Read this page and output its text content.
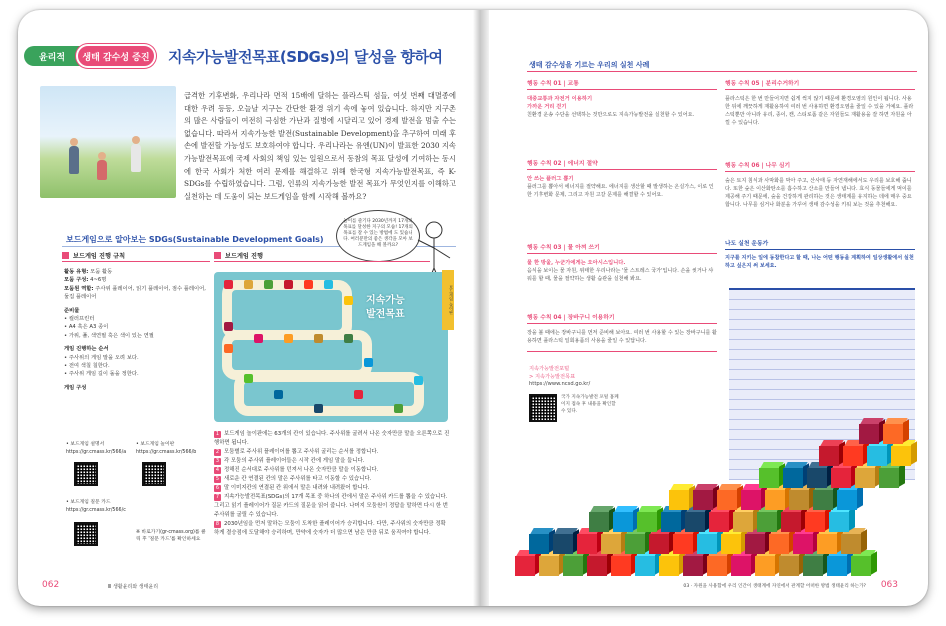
윤리적	생태 감수성 증진	지속가능발전목표(SDGs)의 달성을 향하여

급격한 기후변화, 우리나라 면적 15배에 달하는 플라스틱 섬들, 여섯 번째 대멸종에 대한 우려 등등, 오늘날 지구는 간단한 환경 위기 속에 놓여 있습니다. 하지만 지구촌의 많은 사람들이 여전히 극심한 가난과 질병에 시달리고 있어 경제 발전을 멈출 수는 없습니다. 따라서 지속가능한 발전(Sustainable Development)을 추구하여 미래 후손에 발전할 가능성도 보호하여야 합니다. 우리나라는 유엔(UN)이 발표한 2030 지속가능발전목표에 국제 사회의 책임 있는 일원으로서 동참의 목표 달성에 기여하는 동시에 한국 사회가 처한 여러 문제를 해결하고 위해 한국형 지속가능발전목표, 즉 K-SDGs를 수립하였습니다. 그럼, 인류의 지속가능한 발전 목표가 무엇인지를 이해하고 실천하는 데 도움이 되는 보드게임을 함께 시작해 볼까요?

보드게임으로 알아보는 SDGs(Sustainable Development Goals)
놀이를 즐기다 2030년까지 17개의 목표를 달성한 지구의 모습! 17개의 목표를 잘 수 있는 방법에 도 있습니다. 여러분만의 좋은 생각을 모아 보드게임을 해 볼까요?
보드게임 진행 규칙
활동 유형: 모둠 활동
모둠 구성: 4~6명
모둠원 역할: 주사위 플레이어, 읽기 플레이어, 점수 플레이어, 둘집 플레이어
준비물
• 컬러프린터
• A4 혹은 A3 종이
• 가위, 풀, 색연필 혹은 색이 있는 연필
게임 진행하는 순서
• 주사위의 게임 말을 오려 보다.
• 전여 색칠 칠한다.
• 주사위 게임 길이 돌을 정한다.
게임 구성
• 보드게임 설명서
https://gr.cmass.kr/566/a
• 보드게임 놀이판
https://gr.cmass.kr/566/b
• 보드게임 질문 카드
https://gr.cmass.kr/566/c
※ 바로가기(gr-cmass.org)를 클릭 후 '질문 카드'를 확인하세요
보드게임 진행
지속가능
발전목표	보드게임 놀이판
1 보드게임 놀이판에는 63개의 칸이 있습니다. 주사위를 굴려서 나온 숫자만큼 말을 오른쪽으로 진행하면 됩니다.
2 모둠별로 주사위 플레이어를 뽑고 주사위 굴리는 순서를 정합니다.
3 각 모둠의 주사위 플레이어들은 시작 칸에 게임 말을 둡니다.
4 정해진 순서대로 주사위를 던져서 나온 숫자만큼 말을 이동합니다.
5 새로운 칸 연결된 칸의 말은 주사위를 타고 이동할 수 있습니다.
6 말 이미지칸의 연결된 칸 위에서 말은 내려와 내려왔어 합니다.
7 지속가능발전목표(SDGs)의 17개 목표 중 하나의 칸에서 말은 주사위 카드를 뽑을 수 있습니다. 그리고 읽기 플레이어가 질문 카드의 질문을 읽어 줍니다. 나머지 모둠원이 정답을 말하면 다시 한 번 주사위를 굴릴 수 있습니다.
8 2030년임을 먼저 말하는 모둠이 도착한 플레이어가 승리합니다. 다만, 주사위의 숫자만큼 정확하게 결승점에 도달해야 승리하며, 만약에 숫자가 더 많으면 남은 만큼 뒤로 움직여야 합니다.
062	Ⅲ 생활윤리와 생태윤리
생태 감수성을 기르는 우리의 실천 사례
행동 수칙 01 | 교통
대중교통과 자전거 이용하기
가까운 거리 걷기
친환경 운송 수단을 선택하는 것만으로도 지속가능발전을 실천할 수 있어요.
행동 수칙 02 | 에너지 절약
안 쓰는 플러그 뽑기
플러그를 뽑아서 에너지를 절약해요. 에너지를 생산할 때 발생하는 온실가스, 이로 인한 기후변화 문제, 그리고 자원 고갈 문제를 해결할 수 있어요.
행동 수칙 03 | 물 아껴 쓰기
물 한 방울, 누군가에게는 오아시스입니다.
음식을 보이는 물 자원, 위태한 우리나라는 '물 스트레스 국가'입니다. 손을 씻거나 샤워를 할 때, 물을 절약하는 생활 습관을 실천해 봐요.
행동 수칙 04 | 장바구니 이용하기
장을 볼 때에는 장바구니를 먼저 준비해 보아요. 여러 번 사용할 수 있는 장바구니를 활용하면 플라스틱 일회용품의 사용을 줄일 수 있답니다.
행동 수칙 05 | 분리수거하기
플라스틱은 한 번 만들어지면 쉽게 썩지 않기 때문에 환경오염의 원인이 됩니다. 사용한 뒤에 깨끗하게 재활용하여 여러 번 사용하면 환경오염을 줄일 수 있을 거예요. 플라스틱뿐만 아니라 유리, 종이, 캔, 스티로폼 같은 자원들도 재활용을 잘 하면 자원을 아낄 수 있습니다.
행동 수칙 06 | 나무 심기
숲은 토지 침식과 사막화를 막아 주고, 산사태 등 자연재해에서도 우리를 보호해 줍니다. 또한 숲은 이산화탄소를 흡수하고 산소를 만들어 냅니다. 효식 동물들에게 먹이를 제공해 주기 때문에, 숲을 건강하게 관리하는 것은 생태계를 유지하는 데에 매우 중요합니다. 나무를 심거나 화분을 가꾸어 생태 감수성을 키워 보는 것을 추천해요.
나도 실천 운동가
지구를 지키는 일에 동참한다고 할 때, 나는 어떤 행동을 계획하여 일상생활에서 실천하고 싶은지 써 보세요.
지속가능발전포털
> 지속가능발전목표
https://www.ncsd.go.kr/
국가 지속가능발전 포털 홈페이지 접속 후 내용을 확인할 수 있다.
063
03 · 자원을 사용함에 우리 인간이 생태계에 자연에서 관계할 어떠한 방법 생태윤리 하는가?
